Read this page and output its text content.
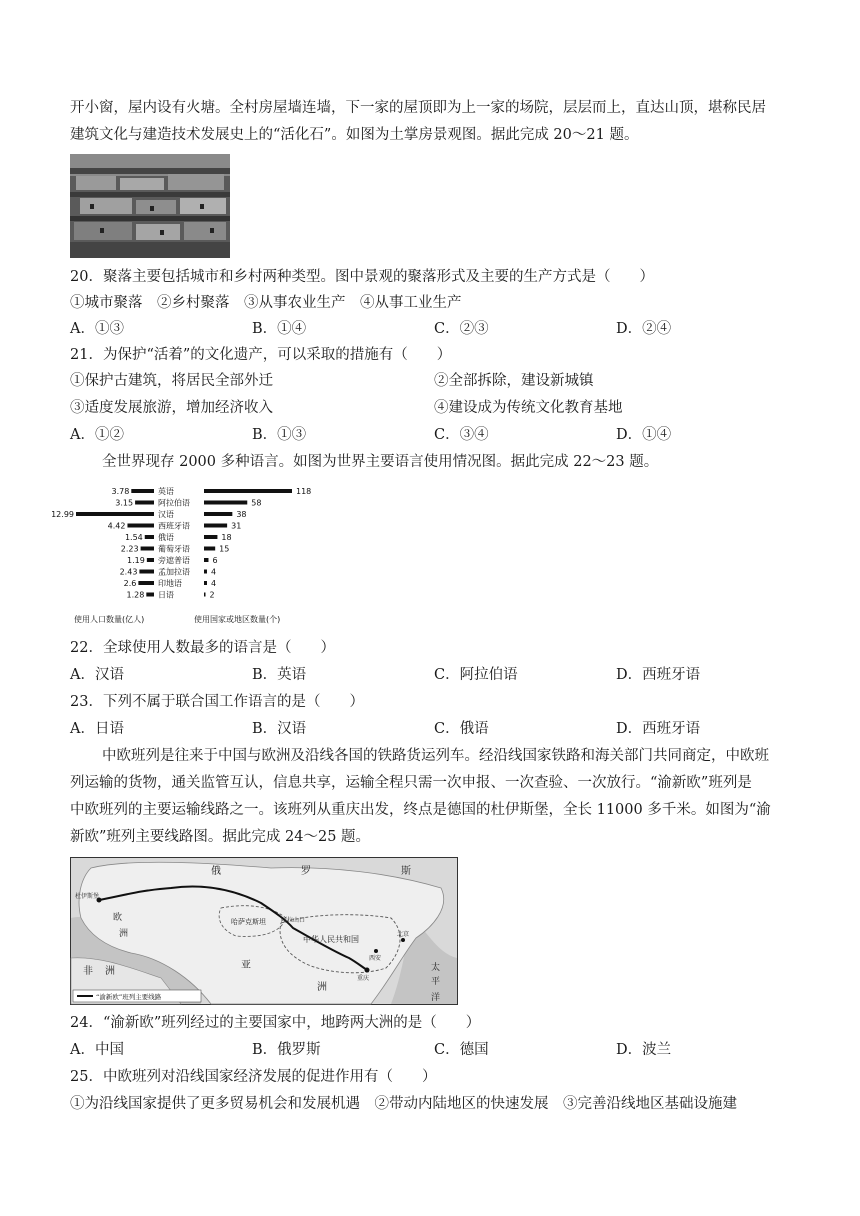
开小窗，屋内设有火塘。全村房屋墙连墙，下一家的屋顶即为上一家的场院，层层而上，直达山顶，堪称民居
建筑文化与建造技术发展史上的“活化石”。如图为土掌房景观图。据此完成 20～21 题。
20．聚落主要包括城市和乡村两种类型。图中景观的聚落形式及主要的生产方式是（　　）
①城市聚落　②乡村聚落　③从事农业生产　④从事工业生产
A．①③	B．①④	C．②③	D．②④
21．为保护“活着”的文化遗产，可以采取的措施有（　　）
①保护古建筑，将居民全部外迁	②全部拆除，建设新城镇
③适度发展旅游，增加经济收入	④建设成为传统文化教育基地
A．①②	B．①③	C．③④	D．①④
全世界现存 2000 多种语言。如图为世界主要语言使用情况图。据此完成 22～23 题。
3.78	英语	118
3.15	阿拉伯语	58
12.99	汉语	38
4.42	西班牙语	31
1.54 俄语	18
2.23 葡萄牙语	15
1.19 旁遮普语	6
2.43	孟加拉语	4
2.6	印地语	4
1.28 日语	2
使用人口数量(亿人)	使用国家或地区数量(个)
22．全球使用人数最多的语言是（　　）
A．汉语	B．英语	C．阿拉伯语	D．西班牙语
23．下列不属于联合国工作语言的是（　　）
A．日语	B．汉语	C．俄语	D．西班牙语
中欧班列是往来于中国与欧洲及沿线各国的铁路货运列车。经沿线国家铁路和海关部门共同商定，中欧班
列运输的货物，通关监管互认，信息共享，运输全程只需一次申报、一次查验、一次放行。“渝新欧”班列是
中欧班列的主要运输线路之一。该班列从重庆出发，终点是德国的杜伊斯堡，全长 11000 多千米。如图为“渝
新欧”班列主要线路图。据此完成 24～25 题。
俄	罗	斯
欧
洲
哈萨克斯坦
中华人民共和国
北京
西安
重庆
阿拉山口
杜伊斯堡
亚
洲
非 洲	太
平
洋
“渝新欧”班列主要线路
24．“渝新欧”班列经过的主要国家中，地跨两大洲的是（　　）
A．中国	B．俄罗斯	C．德国	D．波兰
25．中欧班列对沿线国家经济发展的促进作用有（　　）
①为沿线国家提供了更多贸易机会和发展机遇　②带动内陆地区的快速发展　③完善沿线地区基础设施建
